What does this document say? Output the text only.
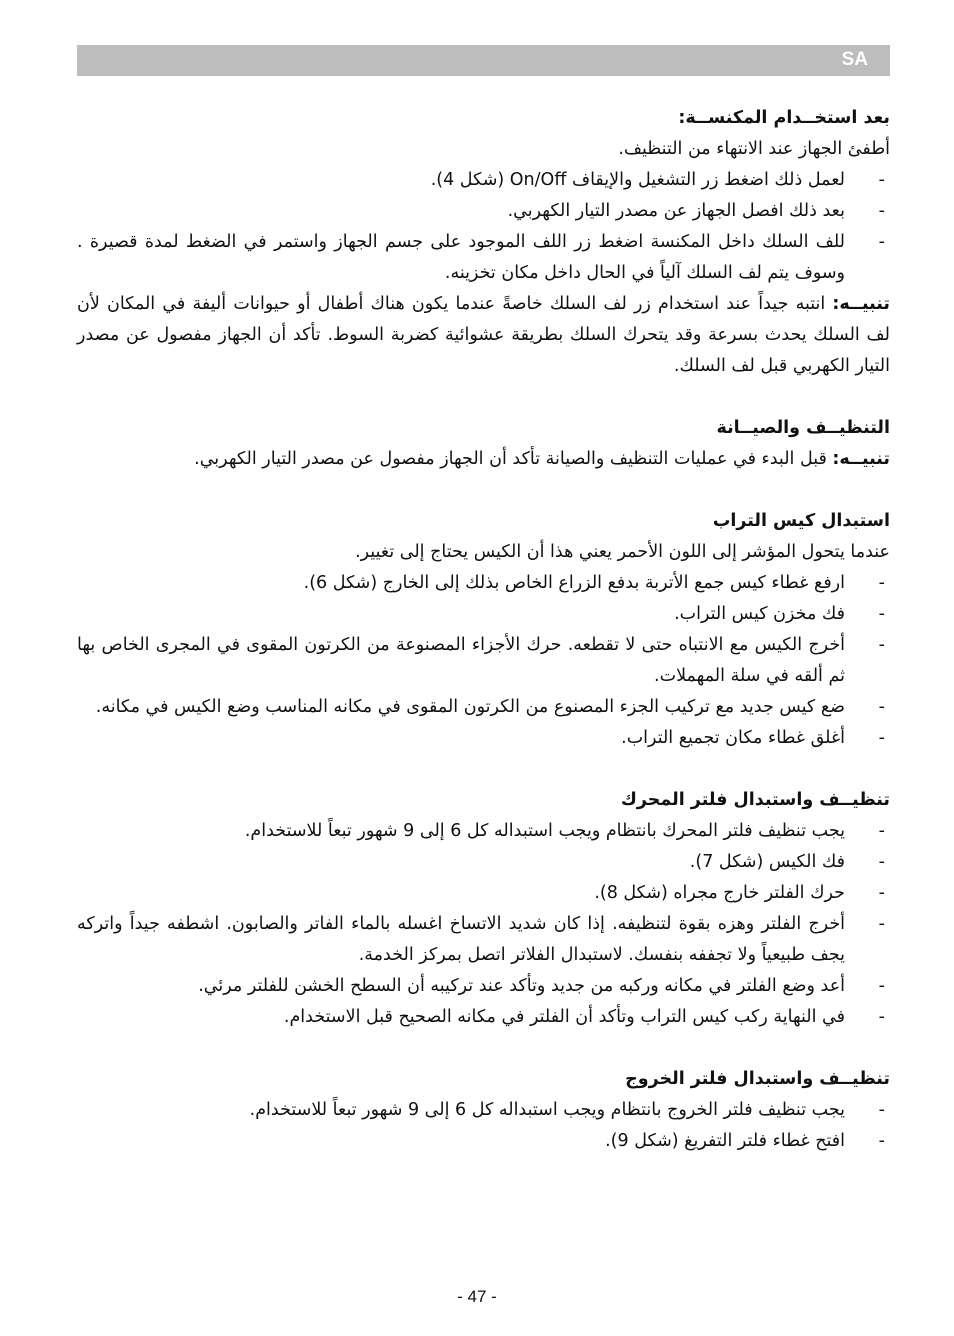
SA
بعد استخــدام المكنســة:
أطفئ الجهاز عند الانتهاء من التنظيف.
-
لعمل ذلك اضغط زر التشغيل والإيقاف On/Off (شكل 4).
-
بعد ذلك افصل الجهاز عن مصدر التيار الكهربي.
-
للف السلك داخل المكنسة اضغط زر اللف الموجود على جسم الجهاز واستمر في الضغط لمدة قصيرة . وسوف يتم لف السلك آلياً في الحال داخل مكان تخزينه.
تنبيــه: انتبه جيداً عند استخدام زر لف السلك خاصةً عندما يكون هناك أطفال أو حيوانات أليفة في المكان لأن لف السلك يحدث بسرعة وقد يتحرك السلك بطريقة عشوائية كضربة السوط. تأكد أن الجهاز مفصول عن مصدر التيار الكهربي قبل لف السلك.
التنظيــف والصيــانة
تنبيــه: قبل البدء في عمليات التنظيف والصيانة تأكد أن الجهاز مفصول عن مصدر التيار الكهربي.
استبدال كيس التراب
عندما يتحول المؤشر إلى اللون الأحمر يعني هذا أن الكيس يحتاج إلى تغيير.
-
ارفع غطاء كيس جمع الأتربة بدفع الزراع الخاص بذلك إلى الخارج (شكل 6).
-
فك مخزن كيس التراب.
-
أخرج الكيس مع الانتباه حتى لا تقطعه. حرك الأجزاء المصنوعة من الكرتون المقوى في المجرى الخاص بها ثم ألقه في سلة المهملات.
-
ضع كيس جديد مع تركيب الجزء المصنوع من الكرتون المقوى في مكانه المناسب وضع الكيس في مكانه.
-
أغلق غطاء مكان تجميع التراب.
تنظيــف واستبدال فلتر المحرك
-
يجب تنظيف فلتر المحرك بانتظام ويجب استبداله كل 6 إلى 9 شهور تبعاً للاستخدام.
-
فك الكيس (شكل 7).
-
حرك الفلتر خارج مجراه (شكل 8).
-
أخرج الفلتر وهزه بقوة لتنظيفه. إذا كان شديد الاتساخ اغسله بالماء الفاتر والصابون. اشطفه جيداً واتركه يجف طبيعياً ولا تجففه بنفسك. لاستبدال الفلاتر اتصل بمركز الخدمة.
-
أعد وضع الفلتر في مكانه وركبه من جديد وتأكد عند تركيبه أن السطح الخشن للفلتر مرئي.
-
في النهاية ركب كيس التراب وتأكد أن الفلتر في مكانه الصحيح قبل الاستخدام.
تنظيــف واستبدال فلتر الخروج
-
يجب تنظيف فلتر الخروج بانتظام ويجب استبداله كل 6 إلى 9 شهور تبعاً للاستخدام.
-
افتح غطاء فلتر التفريغ (شكل 9).
- 47 -
